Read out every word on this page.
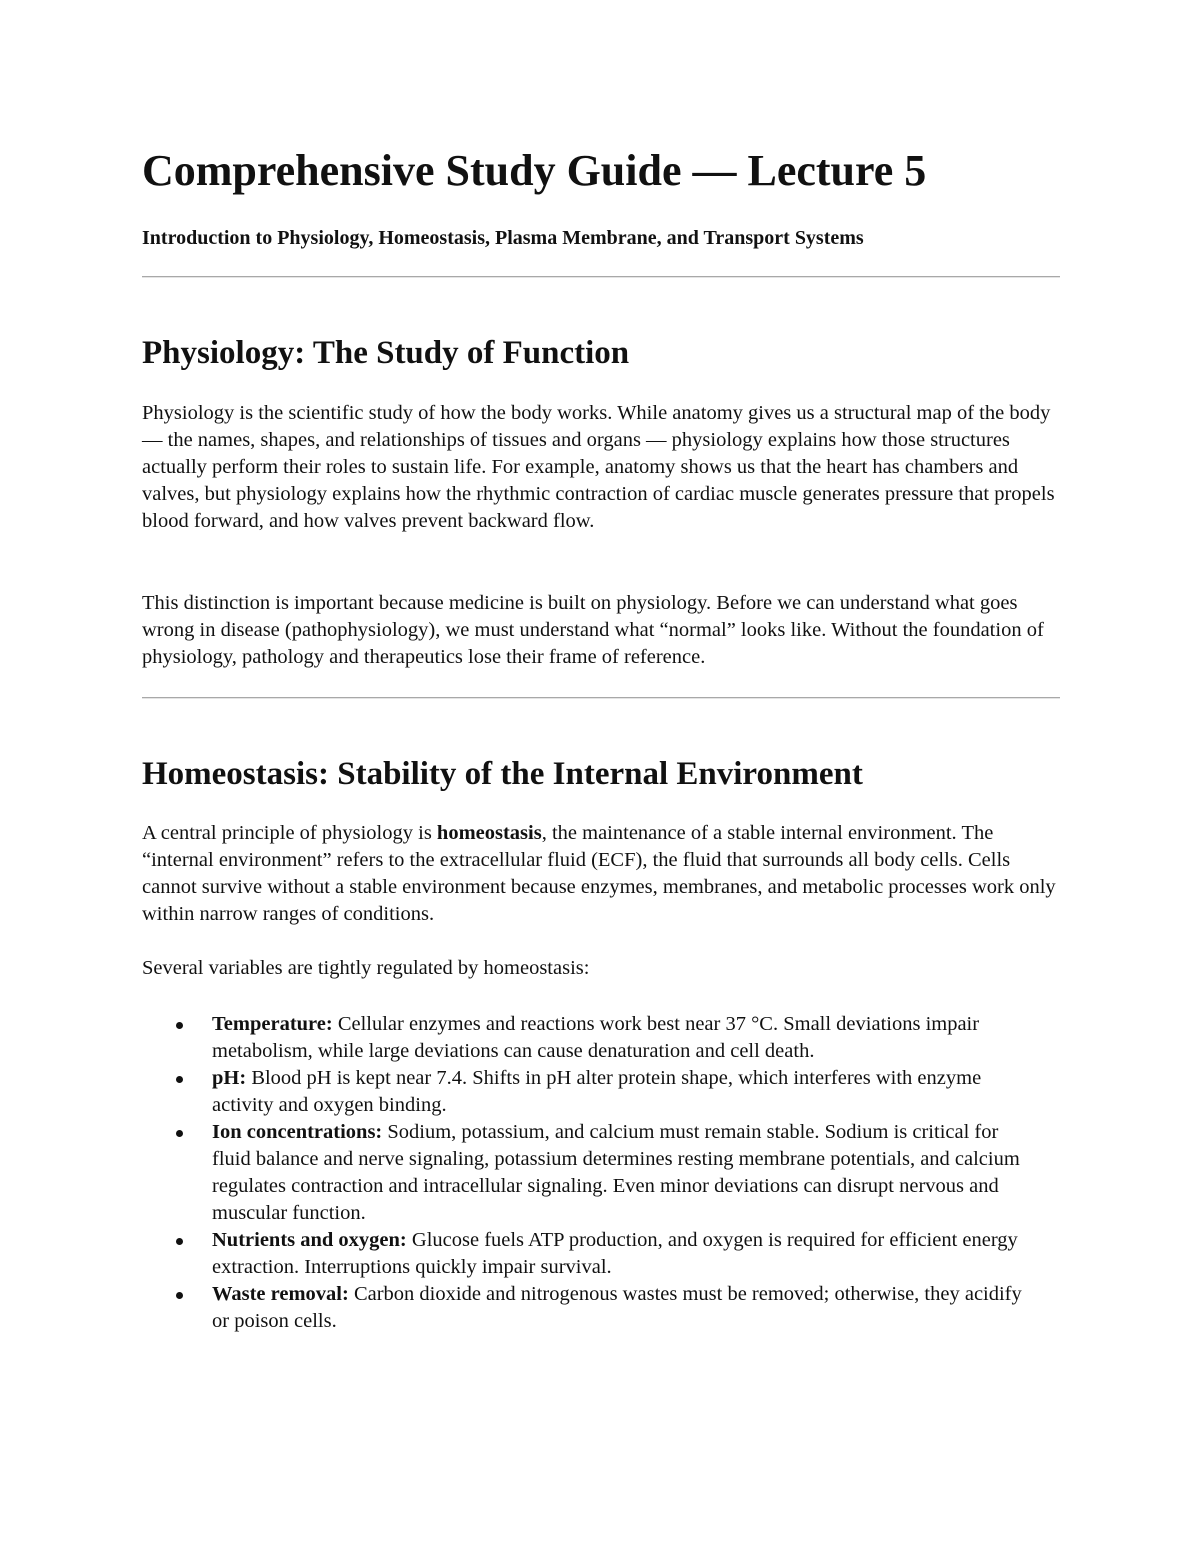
Comprehensive Study Guide — Lecture 5

Introduction to Physiology, Homeostasis, Plasma Membrane, and Transport Systems

Physiology: The Study of Function

Physiology is the scientific study of how the body works. While anatomy gives us a structural map of the body — the names, shapes, and relationships of tissues and organs — physiology explains how those structures actually perform their roles to sustain life. For example, anatomy shows us that the heart has chambers and valves, but physiology explains how the rhythmic contraction of cardiac muscle generates pressure that propels blood forward, and how valves prevent backward flow.

This distinction is important because medicine is built on physiology. Before we can understand what goes wrong in disease (pathophysiology), we must understand what “normal” looks like. Without the foundation of physiology, pathology and therapeutics lose their frame of reference.

Homeostasis: Stability of the Internal Environment

A central principle of physiology is homeostasis, the maintenance of a stable internal environment. The “internal environment” refers to the extracellular fluid (ECF), the fluid that surrounds all body cells. Cells cannot survive without a stable environment because enzymes, membranes, and metabolic processes work only within narrow ranges of conditions.

Several variables are tightly regulated by homeostasis:

Temperature: Cellular enzymes and reactions work best near 37 °C. Small deviations impair metabolism, while large deviations can cause denaturation and cell death.
pH: Blood pH is kept near 7.4. Shifts in pH alter protein shape, which interferes with enzyme activity and oxygen binding.
Ion concentrations: Sodium, potassium, and calcium must remain stable. Sodium is critical for fluid balance and nerve signaling, potassium determines resting membrane potentials, and calcium regulates contraction and intracellular signaling. Even minor deviations can disrupt nervous and muscular function.
Nutrients and oxygen: Glucose fuels ATP production, and oxygen is required for efficient energy extraction. Interruptions quickly impair survival.
Waste removal: Carbon dioxide and nitrogenous wastes must be removed; otherwise, they acidify or poison cells.
